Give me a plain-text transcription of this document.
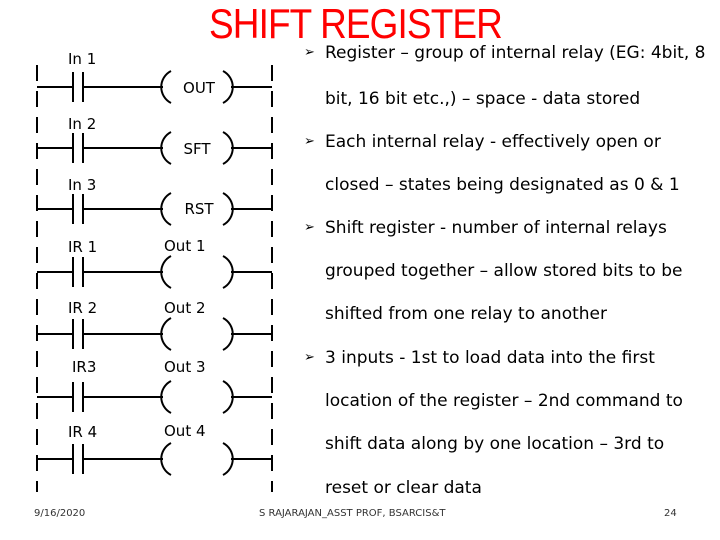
SHIFT REGISTER
In 1
In 2
In 3
IR 1
IR 2
IR3
IR 4
OUT
SFT
RST
Out 1
Out 2
Out 3
Out 4
➢ Register – group of internal relay (EG: 4bit, 8
bit, 16 bit etc.,) – space - data stored
➢ Each internal relay - effectively open or
closed – states being designated as 0 & 1
➢ Shift register - number of internal relays
grouped together – allow stored bits to be
shifted from one relay to another
➢ 3 inputs - 1st to load data into the first
location of the register – 2nd command to
shift data along by one location – 3rd to
reset or clear data
9/16/2020	S RAJARAJAN_ASST PROF, BSARCIS&T	24
